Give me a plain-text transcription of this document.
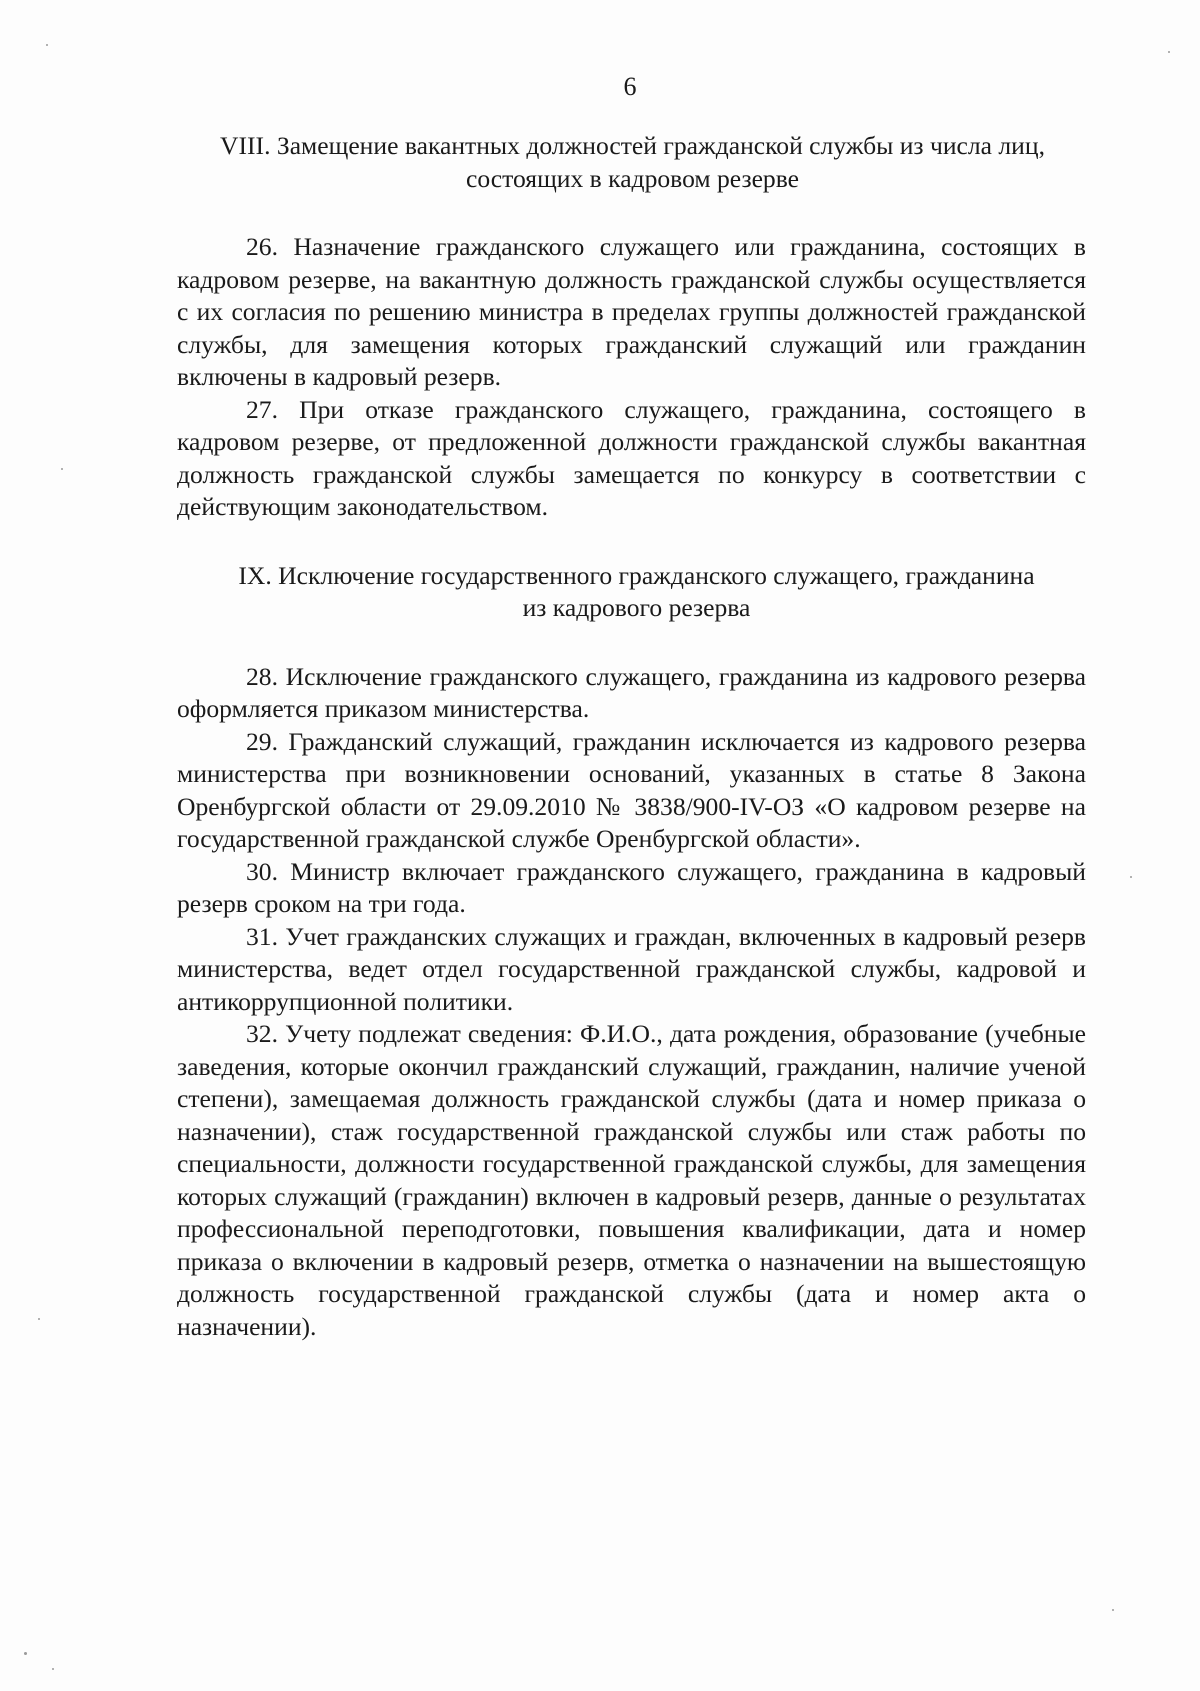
6
VIII. Замещение вакантных должностей гражданской службы из числа лиц,
состоящих в кадровом резерве

26. Назначение гражданского служащего или гражданина, состоящих в кадровом резерве, на вакантную должность гражданской службы осуществляется с их согласия по решению министра в пределах группы должностей гражданской службы, для замещения которых гражданский служащий или гражданин включены в кадровый резерв.

27. При отказе гражданского служащего, гражданина, состоящего в кадровом резерве, от предложенной должности гражданской службы вакантная должность гражданской службы замещается по конкурсу в соответствии с действующим законодательством.

IX. Исключение государственного гражданского служащего, гражданина
из кадрового резерва

28. Исключение гражданского служащего, гражданина из кадрового резерва оформляется приказом министерства.

29. Гражданский служащий, гражданин исключается из кадрового резерва министерства при возникновении оснований, указанных в статье 8 Закона Оренбургской области от 29.09.2010 № 3838/900-IV-ОЗ «О кадровом резерве на государственной гражданской службе Оренбургской области».

30. Министр включает гражданского служащего, гражданина в кадровый резерв сроком на три года.

31. Учет гражданских служащих и граждан, включенных в кадровый резерв министерства, ведет отдел государственной гражданской службы, кадровой и антикоррупционной политики.

32. Учету подлежат сведения: Ф.И.О., дата рождения, образование (учебные заведения, которые окончил гражданский служащий, гражданин, наличие ученой степени), замещаемая должность гражданской службы (дата и номер приказа о назначении), стаж государственной гражданской службы или стаж работы по специальности, должности государственной гражданской службы, для замещения которых служащий (гражданин) включен в кадровый резерв, данные о результатах профессиональной переподготовки, повышения квалификации, дата и номер приказа о включении в кадровый резерв, отметка о назначении на вышестоящую должность государственной гражданской службы (дата и номер акта о назначении).
